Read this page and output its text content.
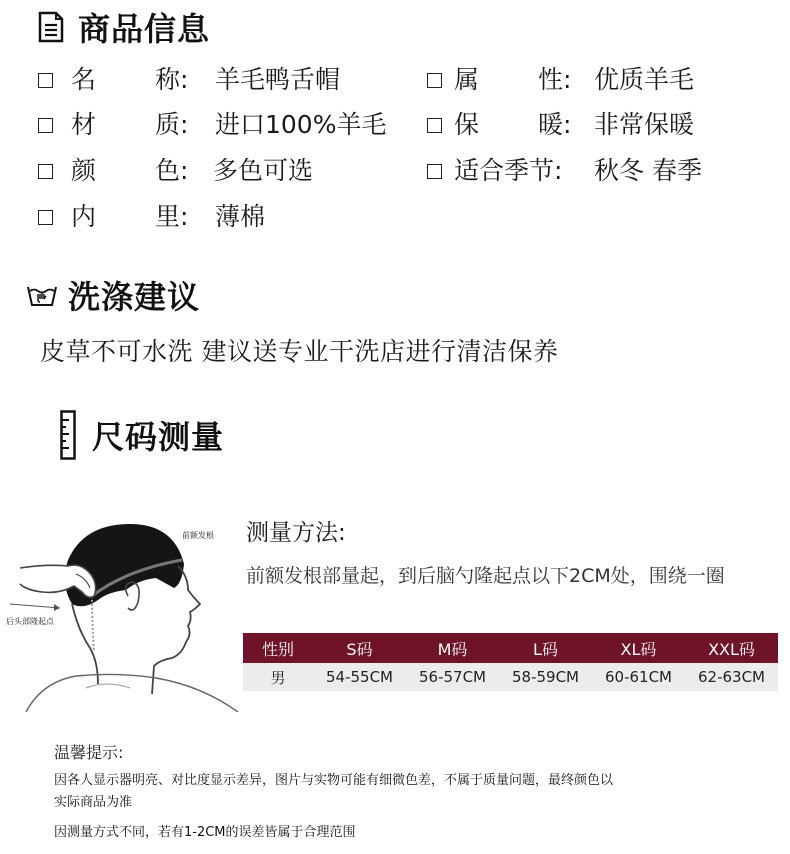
商品信息
名 称: 羊毛鸭舌帽	属 性: 优质羊毛
材 质: 进口100%羊毛	保 暖: 非常保暖
颜 色: 多色可选	适合季节 : 秋冬 春季
内 里: 薄棉
洗涤建议
皮草不可水洗 建议送专业干洗店进行清洁保养
尺码测量
前额发根
后头部隆起点
测量方法:
前额发根部量起，到后脑勺隆起点以下2CM处，围绕一圈
性别	S码	M码	L码	XL码	XXL码
男	54-55CM	56-57CM	58-59CM	60-61CM	62-63CM
温馨提示:
因各人显示器明亮、对比度显示差异，图片与实物可能有细微色差，不属于质量问题，最终颜色以实际商品为准
因测量方式不同，若有1-2CM的误差皆属于合理范围
